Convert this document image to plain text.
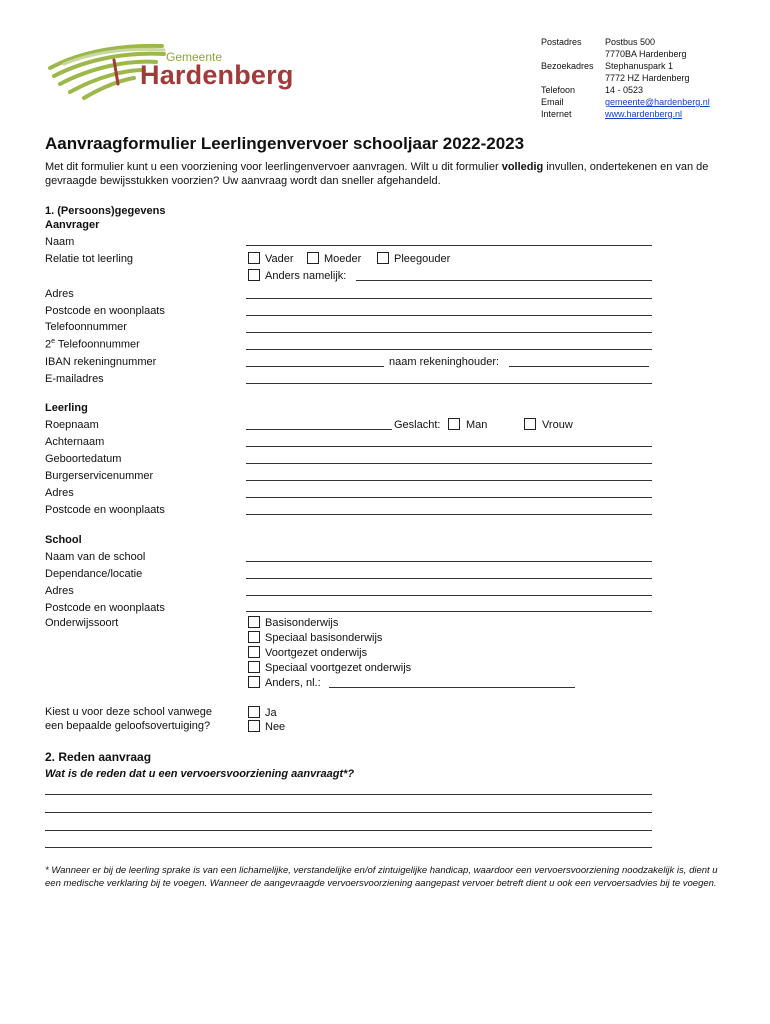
Gemeente
Hardenberg
Postadres	Postbus 500
7770BA Hardenberg
Bezoekadres	Stephanuspark 1
7772 HZ Hardenberg
Telefoon	14 - 0523
Email	gemeente@hardenberg.nl
Internet	www.hardenberg.nl
Aanvraagformulier Leerlingenvervoer schooljaar 2022-2023
Met dit formulier kunt u een voorziening voor leerlingenvervoer aanvragen. Wilt u dit formulier volledig invullen, ondertekenen en van de gevraagde bewijsstukken voorzien? Uw aanvraag wordt dan sneller afgehandeld.
1. (Persoons)gegevens
Aanvrager
Naam
Relatie tot leerling	Vader	Moeder	Pleegouder
Anders namelijk:
Adres
Postcode en woonplaats
Telefoonnummer
2e Telefoonnummer
IBAN rekeningnummer	naam rekeninghouder:
E-mailadres
Leerling
Roepnaam	Geslacht: Man	Vrouw
Achternaam
Geboortedatum
Burgerservicenummer
Adres
Postcode en woonplaats
School
Naam van de school
Dependance/locatie
Adres
Postcode en woonplaats
Onderwijssoort	Basisonderwijs
Speciaal basisonderwijs
Voortgezet onderwijs
Speciaal voortgezet onderwijs
Anders, nl.:
Kiest u voor deze school vanwege
een bepaalde geloofsovertuiging?
Ja
Nee
2. Reden aanvraag
Wat is de reden dat u een vervoersvoorziening aanvraagt*?
* Wanneer er bij de leerling sprake is van een lichamelijke, verstandelijke en/of zintuigelijke handicap, waardoor een vervoersvoorziening noodzakelijk is, dient u een medische verklaring bij te voegen. Wanneer de aangevraagde vervoersvoorziening aangepast vervoer betreft dient u ook een vervoersadvies bij te voegen.
